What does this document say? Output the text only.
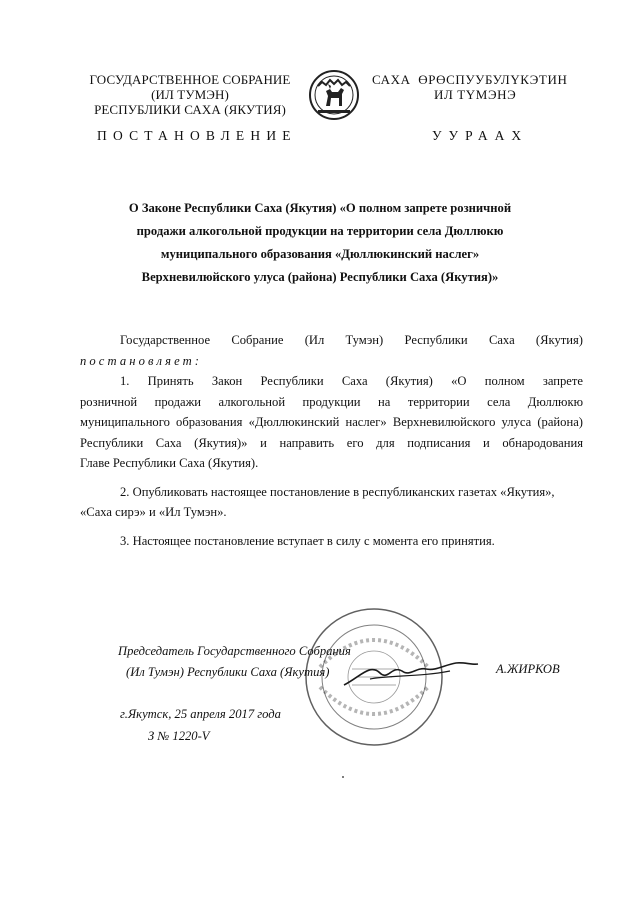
ГОСУДАРСТВЕННОЕ СОБРАНИЕ
(ИЛ ТУМЭН)
РЕСПУБЛИКИ САХА (ЯКУТИЯ)
САХА  ӨРӨСПУУБУЛҮКЭТИН
ИЛ ТҮМЭНЭ
ПОСТАНОВЛЕНИЕ	УУРААХ
О Законе Республики Саха (Якутия) «О полном запрете розничной
продажи алкогольной продукции на территории села Дюллюкю
муниципального образования «Дюллюкинский наслег»
Верхневилюйского улуса (района) Республики Саха (Якутия)»

Государственное   Собрание   (Ил   Тумэн)   Республики   Саха   (Якутия)

постановляет:

1.   Принять   Закон   Республики   Саха   (Якутия)   «О   полном   запрете

розничной   продажи   алкогольной   продукции   на   территории   села   Дюллюкю

муниципального образования «Дюллюкинский наслег» Верхневилюйского улуса (района)

Республики  Саха  (Якутия)»  и  направить  его  для  подписания  и  обнародования

Главе Республики Саха (Якутия).

2. Опубликовать настоящее постановление в республиканских газетах «Якутия»,

«Саха сирэ» и «Ил Тумэн».

3. Настоящее постановление вступает в силу с момента его принятия.

Председатель Государственного Собрания
(Ил Тумэн) Республики Саха (Якутия)	А.ЖИРКОВ
г.Якутск, 25 апреля 2017 года
З № 1220-V
